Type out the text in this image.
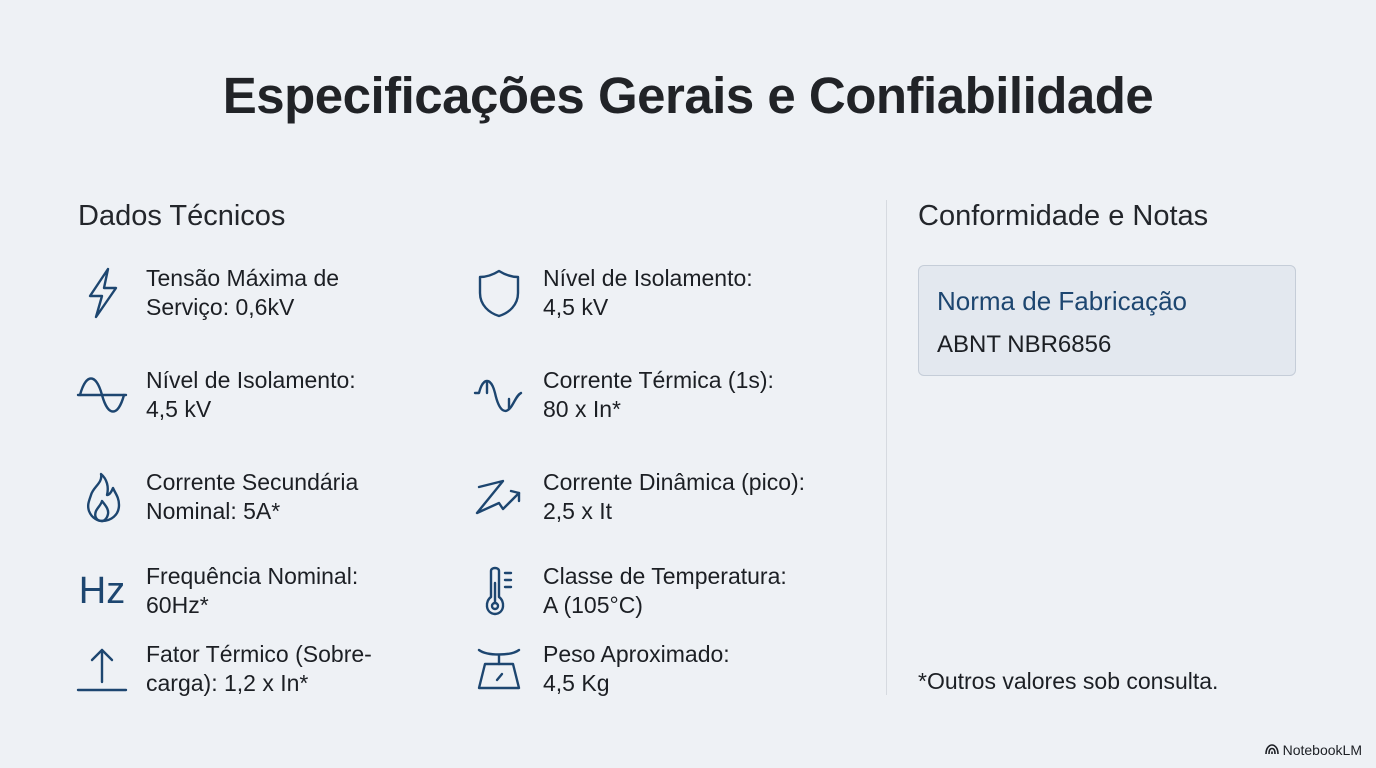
Especificações Gerais e Confiabilidade
Dados Técnicos
Tensão Máxima de
Serviço: 0,6kV
Nível de Isolamento:
4,5 kV
Corrente Secundária
Nominal: 5A*
Hz Frequência Nominal:
60Hz*
Fator Térmico (Sobre-
carga): 1,2 x In*
Nível de Isolamento:
4,5 kV
Corrente Térmica (1s):
80 x In*
Corrente Dinâmica (pico):
2,5 x It
Classe de Temperatura:
A (105°C)
Peso Aproximado:
4,5 Kg
Conformidade e Notas
Norma de Fabricação
ABNT NBR6856
*Outros valores sob consulta.
NotebookLM
